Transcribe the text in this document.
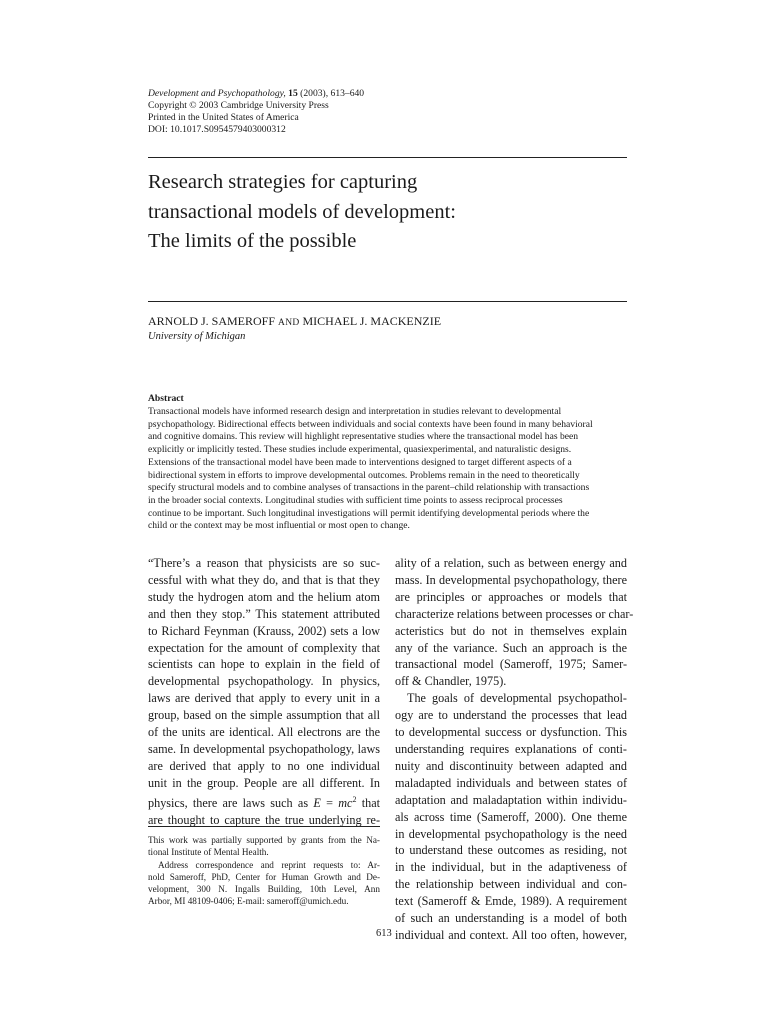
Development and Psychopathology, 15 (2003), 613–640
Copyright © 2003 Cambridge University Press
Printed in the United States of America
DOI: 10.1017.S0954579403000312
Research strategies for capturing
transactional models of development:
The limits of the possible
ARNOLD J. SAMEROFF AND MICHAEL J. MACKENZIE
University of Michigan
Abstract
Transactional models have informed research design and interpretation in studies relevant to developmental
psychopathology. Bidirectional effects between individuals and social contexts have been found in many behavioral
and cognitive domains. This review will highlight representative studies where the transactional model has been
explicitly or implicitly tested. These studies include experimental, quasiexperimental, and naturalistic designs.
Extensions of the transactional model have been made to interventions designed to target different aspects of a
bidirectional system in efforts to improve developmental outcomes. Problems remain in the need to theoretically
specify structural models and to combine analyses of transactions in the parent–child relationship with transactions
in the broader social contexts. Longitudinal studies with sufficient time points to assess reciprocal processes
continue to be important. Such longitudinal investigations will permit identifying developmental periods where the
child or the context may be most influential or most open to change.
“There’s a reason that physicists are so suc-
cessful with what they do, and that is that they
study the hydrogen atom and the helium atom
and then they stop.” This statement attributed
to Richard Feynman (Krauss, 2002) sets a low
expectation for the amount of complexity that
scientists can hope to explain in the field of
developmental psychopathology. In physics,
laws are derived that apply to every unit in a
group, based on the simple assumption that all
of the units are identical. All electrons are the
same. In developmental psychopathology, laws
are derived that apply to no one individual
unit in the group. People are all different. In
physics, there are laws such as $E = mc^2$ that
are thought to capture the true underlying re-
This work was partially supported by grants from the Na-
tional Institute of Mental Health.
Address correspondence and reprint requests to: Ar-
nold Sameroff, PhD, Center for Human Growth and De-
velopment, 300 N. Ingalls Building, 10th Level, Ann
Arbor, MI 48109-0406; E-mail: sameroff@umich.edu.
ality of a relation, such as between energy and
mass. In developmental psychopathology, there
are principles or approaches or models that
characterize relations between processes or char-
acteristics but do not in themselves explain
any of the variance. Such an approach is the
transactional model (Sameroff, 1975; Samer-
off & Chandler, 1975).
The goals of developmental psychopathol-
ogy are to understand the processes that lead
to developmental success or dysfunction. This
understanding requires explanations of conti-
nuity and discontinuity between adapted and
maladapted individuals and between states of
adaptation and maladaptation within individu-
als across time (Sameroff, 2000). One theme
in developmental psychopathology is the need
to understand these outcomes as residing, not
in the individual, but in the adaptiveness of
the relationship between individual and con-
text (Sameroff & Emde, 1989). A requirement
of such an understanding is a model of both
individual and context. All too often, however,
613
